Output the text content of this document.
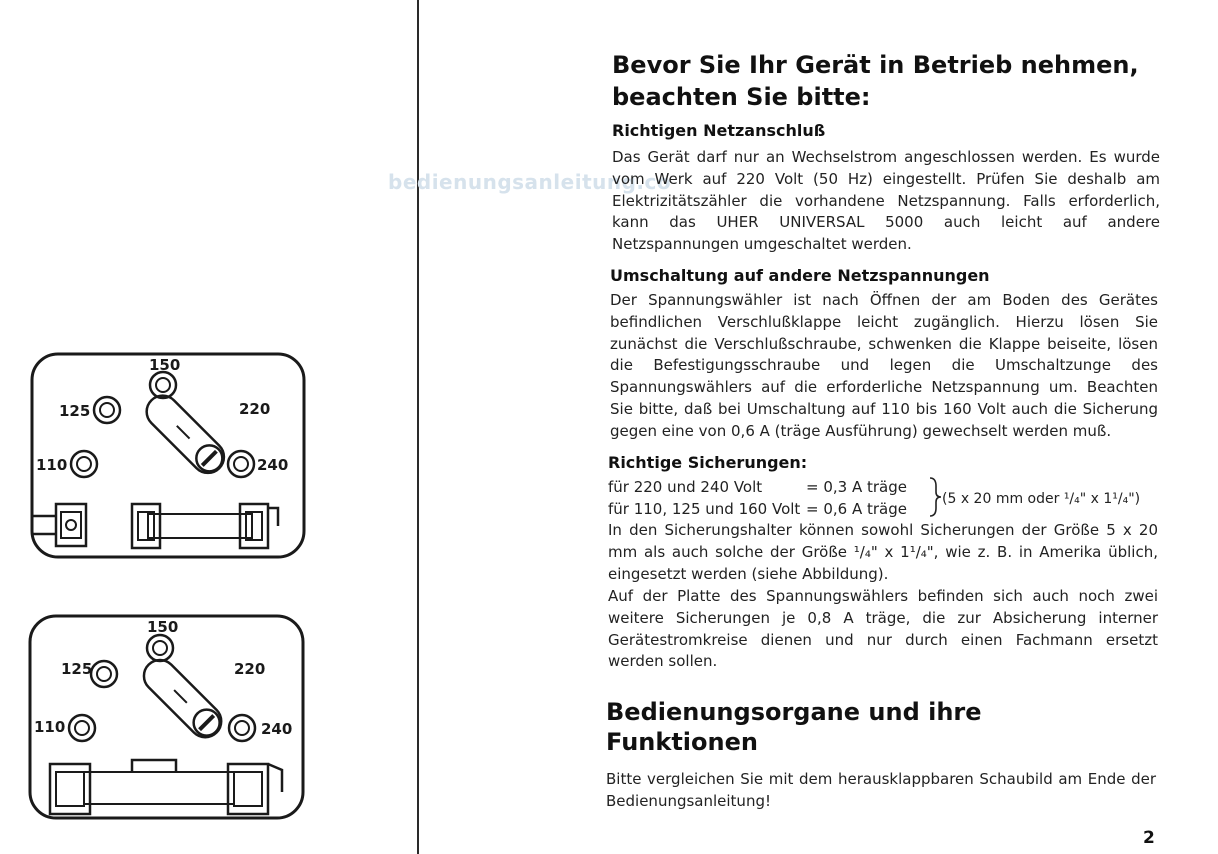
bedienungsanleitung.co
150
125	220
110	240
150
125	220
110	240
Bevor Sie Ihr Gerät in Betrieb nehmen,
beachten Sie bitte:
Richtigen Netzanschluß
Das Gerät darf nur an Wechselstrom angeschlossen werden. Es wurde vom Werk auf 220 Volt (50 Hz) eingestellt. Prüfen Sie deshalb am Elektrizitätszähler die vorhandene Netzspannung. Falls erforderlich, kann das UHER UNIVERSAL 5000 auch leicht auf andere Netzspannungen umgeschaltet werden.
Umschaltung auf andere Netzspannungen
Der Spannungswähler ist nach Öffnen der am Boden des Gerätes befindlichen Verschlußklappe leicht zugänglich. Hierzu lösen Sie zunächst die Verschlußschraube, schwenken die Klappe beiseite, lösen die Befestigungsschraube und legen die Umschaltzunge des Spannungswählers auf die erforderliche Netzspannung um. Beachten Sie bitte, daß bei Umschaltung auf 110 bis 160 Volt auch die Sicherung gegen eine von 0,6 A (träge Ausführung) gewechselt werden muß.
Richtige Sicherungen:
für 220 und 240 Volt	= 0,3 A träge
für 110, 125 und 160 Volt = 0,6 A träge
(5 x 20 mm oder ¹/₄" x 1¹/₄")
In den Sicherungshalter können sowohl Sicherungen der Größe 5 x 20 mm als auch solche der Größe ¹/₄" x 1¹/₄", wie z. B. in Amerika üblich, eingesetzt werden (siehe Abbildung).
Auf der Platte des Spannungswählers befinden sich auch noch zwei weitere Sicherungen je 0,8 A träge, die zur Absicherung interner Gerätestromkreise dienen und nur durch einen Fachmann ersetzt werden sollen.
Bedienungsorgane und ihre
Funktionen
Bitte vergleichen Sie mit dem herausklappbaren Schaubild am Ende der Bedienungsanleitung!
2
